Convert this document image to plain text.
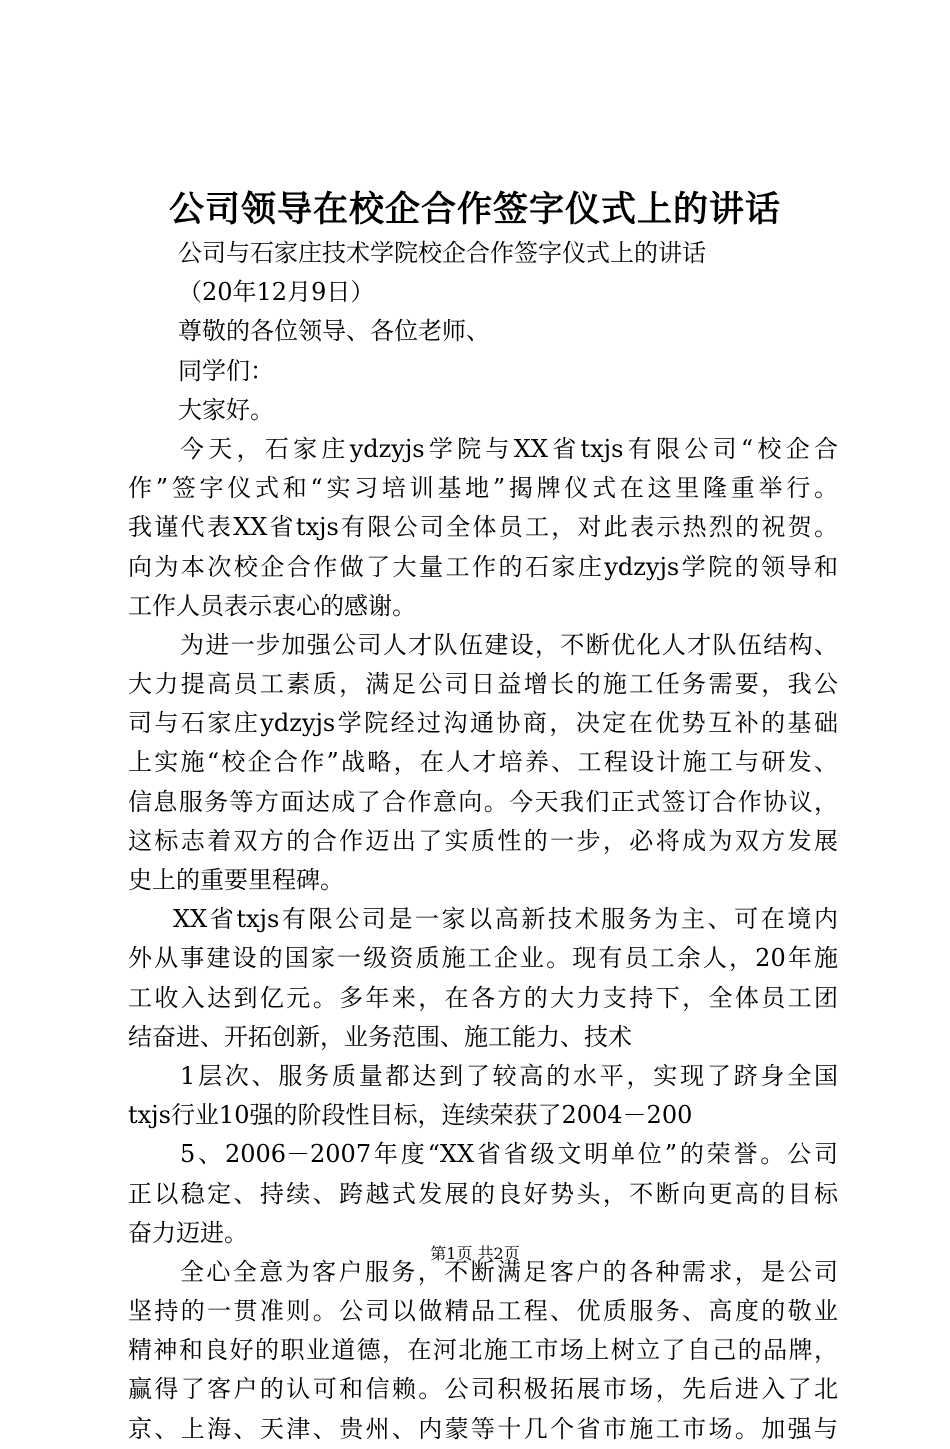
公司领导在校企合作签字仪式上的讲话
公司与石家庄技术学院校企合作签字仪式上的讲话
（20年12月9日）
尊敬的各位领导、各位老师、
同学们：
大家好。
今天，石家庄ydzyjs学院与XX省txjs有限公司“校企合
作”签字仪式和“实习培训基地”揭牌仪式在这里隆重举行。
我谨代表XX省txjs有限公司全体员工，对此表示热烈的祝贺。
向为本次校企合作做了大量工作的石家庄ydzyjs学院的领导和
工作人员表示衷心的感谢。
为进一步加强公司人才队伍建设，不断优化人才队伍结构、
大力提高员工素质，满足公司日益增长的施工任务需要，我公
司与石家庄ydzyjs学院经过沟通协商，决定在优势互补的基础
上实施“校企合作”战略，在人才培养、工程设计施工与研发、
信息服务等方面达成了合作意向。今天我们正式签订合作协议，
这标志着双方的合作迈出了实质性的一步，必将成为双方发展
史上的重要里程碑。
XX省txjs有限公司是一家以高新技术服务为主、可在境内
外从事建设的国家一级资质施工企业。现有员工余人，20年施
工收入达到亿元。多年来，在各方的大力支持下，全体员工团
结奋进、开拓创新，业务范围、施工能力、技术
1层次、服务质量都达到了较高的水平，实现了跻身全国
txjs行业10强的阶段性目标，连续荣获了2004－200
5、2006－2007年度“XX省省级文明单位”的荣誉。公司
正以稳定、持续、跨越式发展的良好势头，不断向更高的目标
奋力迈进。
全心全意为客户服务，不断满足客户的各种需求，是公司
坚持的一贯准则。公司以做精品工程、优质服务、高度的敬业
精神和良好的职业道德，在河北施工市场上树立了自己的品牌，
赢得了客户的认可和信赖。公司积极拓展市场，先后进入了北
京、上海、天津、贵州、内蒙等十几个省市施工市场。加强与
第1页 共2页
